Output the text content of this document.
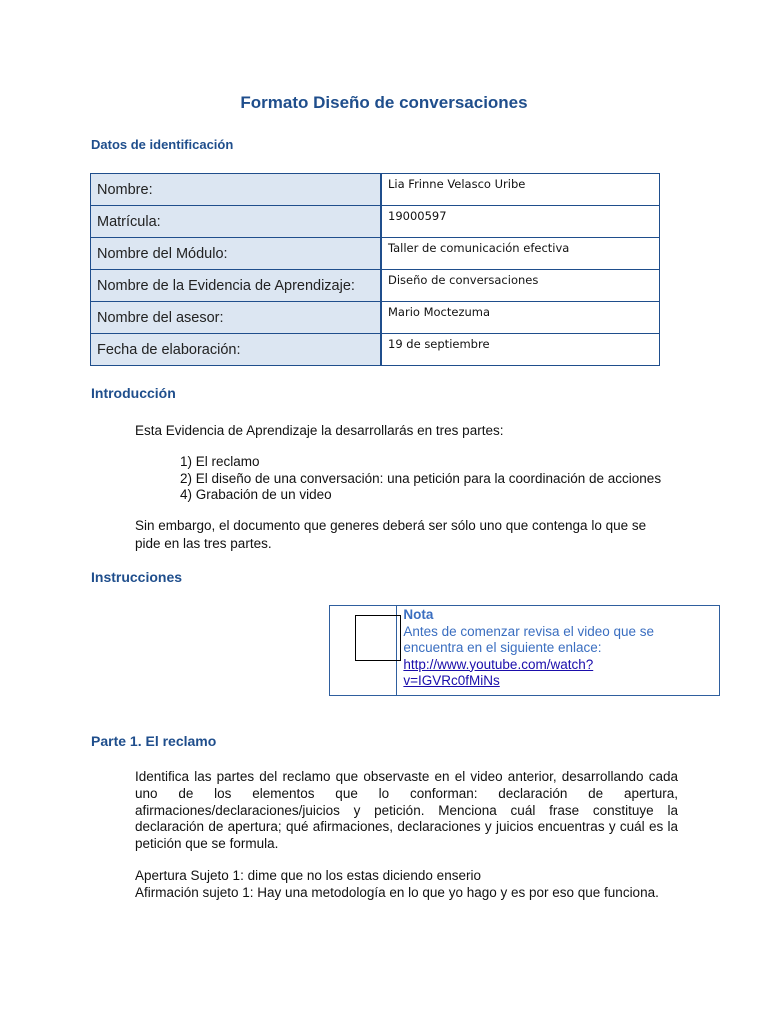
Formato Diseño de conversaciones
Datos de identificación
Nombre:	Lia Frinne Velasco Uribe
Matrícula:	19000597
Nombre del Módulo:	Taller de comunicación efectiva
Nombre de la Evidencia de Aprendizaje:	Diseño de conversaciones
Nombre del asesor:	Mario Moctezuma
Fecha de elaboración:	19 de septiembre
Introducción
Esta Evidencia de Aprendizaje la desarrollarás en tres partes:
1) El reclamo
2) El diseño de una conversación: una petición para la coordinación de acciones
4) Grabación de un video
Sin embargo, el documento que generes deberá ser sólo uno que contenga lo que se
pide en las tres partes.
Instrucciones
Nota
Antes de comenzar revisa el video que se encuentra en el siguiente enlace:
http://www.youtube.com/watch?
v=IGVRc0fMiNs
Parte 1. El reclamo
Identifica las partes del reclamo que observaste en el video anterior, desarrollando cada uno de los elementos que lo conforman: declaración de apertura, afirmaciones/declaraciones/juicios y petición. Menciona cuál frase constituye la declaración de apertura; qué afirmaciones, declaraciones y juicios encuentras y cuál es la petición que se formula.
Apertura Sujeto 1: dime que no los estas diciendo enserio
Afirmación sujeto 1: Hay una metodología en lo que yo hago y es por eso que funciona.
